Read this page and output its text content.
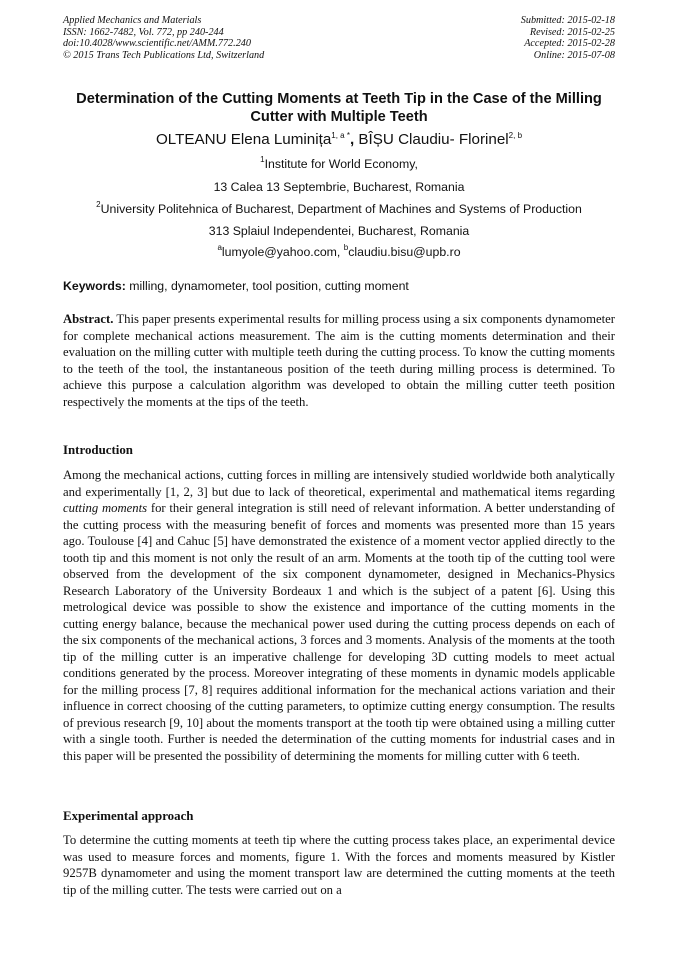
Applied Mechanics and Materials
ISSN: 1662-7482, Vol. 772, pp 240-244
doi:10.4028/www.scientific.net/AMM.772.240
© 2015 Trans Tech Publications Ltd, Switzerland
Submitted: 2015-02-18
Revised: 2015-02-25
Accepted: 2015-02-28
Online: 2015-07-08
Determination of the Cutting Moments at Teeth Tip in the Case of the Milling Cutter with Multiple Teeth
OLTEANU Elena Luminița$^{1, a *}$, BÎȘU Claudiu- Florinel$^{2, b}$
$^1$Institute for World Economy,
13 Calea 13 Septembrie, Bucharest, Romania
$^2$University Politehnica of Bucharest, Department of Machines and Systems of Production
313 Splaiul Independentei, Bucharest, Romania
$^a$lumyole@yahoo.com, $^b$claudiu.bisu@upb.ro
Keywords: milling, dynamometer, tool position, cutting moment
Abstract. This paper presents experimental results for milling process using a six components dynamometer for complete mechanical actions measurement. The aim is the cutting moments determination and their evaluation on the milling cutter with multiple teeth during the cutting process. To know the cutting moments to the teeth of the tool, the instantaneous position of the teeth during milling process is determined. To achieve this purpose a calculation algorithm was developed to obtain the milling cutter teeth position respectively the moments at the tips of the teeth.
Introduction
Among the mechanical actions, cutting forces in milling are intensively studied worldwide both analytically and experimentally [1, 2, 3] but due to lack of theoretical, experimental and mathematical items regarding cutting moments for their general integration is still need of relevant information. A better understanding of the cutting process with the measuring benefit of forces and moments was presented more than 15 years ago. Toulouse [4] and Cahuc [5] have demonstrated the existence of a moment vector applied directly to the tooth tip and this moment is not only the result of an arm. Moments at the tooth tip of the cutting tool were observed from the development of the six component dynamometer, designed in Mechanics-Physics Research Laboratory of the University Bordeaux 1 and which is the subject of a patent [6]. Using this metrological device was possible to show the existence and importance of the cutting moments in the cutting energy balance, because the mechanical power used during the cutting process depends on each of the six components of the mechanical actions, 3 forces and 3 moments. Analysis of the moments at the tooth tip of the milling cutter is an imperative challenge for developing 3D cutting models to meet actual conditions generated by the process. Moreover integrating of these moments in dynamic models applicable for the milling process [7, 8] requires additional information for the mechanical actions variation and their influence in correct choosing of the cutting parameters, to optimize cutting energy consumption. The results of previous research [9, 10] about the moments transport at the tooth tip were obtained using a milling cutter with a single tooth. Further is needed the determination of the cutting moments for industrial cases and in this paper will be presented the possibility of determining the moments for milling cutter with 6 teeth.
Experimental approach
To determine the cutting moments at teeth tip where the cutting process takes place, an experimental device was used to measure forces and moments, figure 1. With the forces and moments measured by Kistler 9257B dynamometer and using the moment transport law are determined the cutting moments at the teeth tip of the milling cutter. The tests were carried out on a
